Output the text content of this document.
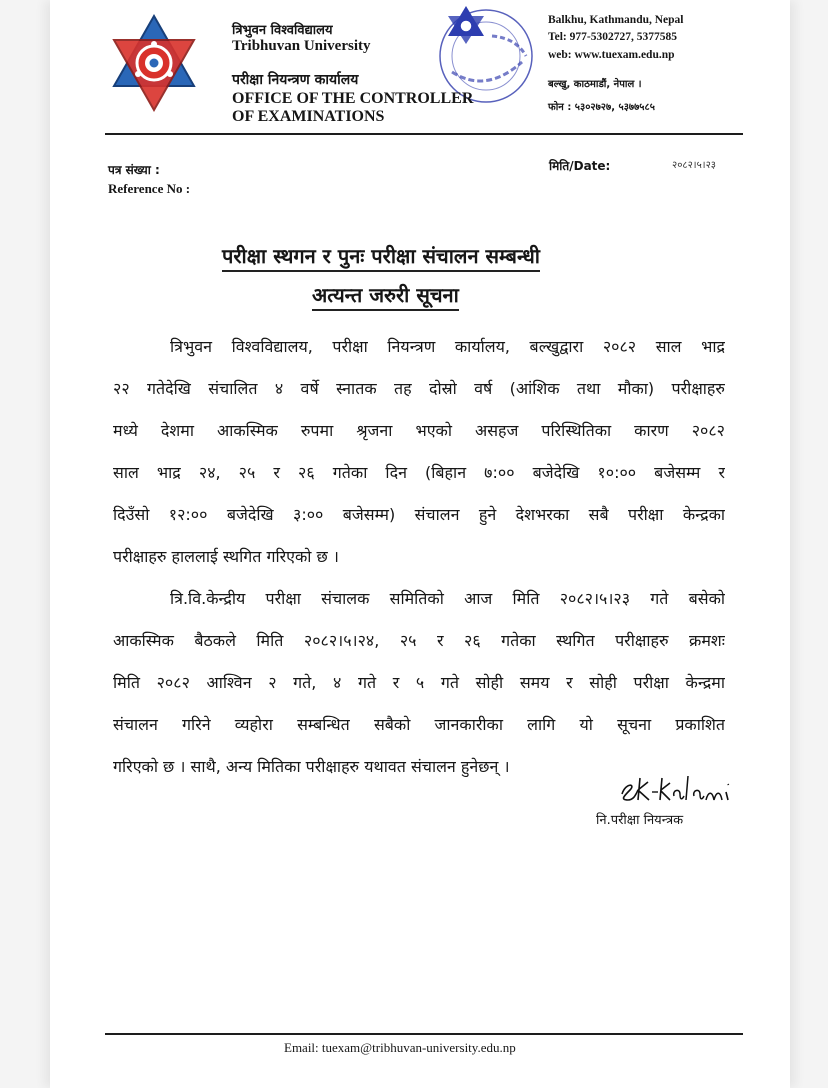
त्रिभुवन विश्वविद्यालय
Tribhuvan University
परीक्षा नियन्त्रण कार्यालय
OFFICE OF THE CONTROLLER
OF EXAMINATIONS
Balkhu, Kathmandu, Nepal
Tel: 977-5302727, 5377585
web: www.tuexam.edu.np
बल्खु, काठमाडौं, नेपाल ।
फोन : ५३०२७२७, ५३७७५८५
पत्र संख्या :
Reference No :
मिति/Date:	२०८२।५।२३
परीक्षा स्थगन र पुनः परीक्षा संचालन सम्बन्धी
अत्यन्त जरुरी सूचना
त्रिभुवन विश्वविद्यालय, परीक्षा नियन्त्रण कार्यालय, बल्खुद्वारा २०८२ साल भाद्र
२२ गतेदेखि संचालित ४ वर्षे स्नातक तह दोस्रो वर्ष (आंशिक तथा मौका) परीक्षाहरु
मध्ये देशमा आकस्मिक रुपमा श्रृजना भएको असहज परिस्थितिका कारण २०८२
साल भाद्र २४, २५ र २६ गतेका दिन (बिहान ७:०० बजेदेखि १०:०० बजेसम्म र
दिउँसो १२:०० बजेदेखि ३:०० बजेसम्म) संचालन हुने देशभरका सबै परीक्षा केन्द्रका
परीक्षाहरु हाललाई स्थगित गरिएको छ ।
त्रि.वि.केन्द्रीय परीक्षा संचालक समितिको आज मिति २०८२।५।२३ गते बसेको
आकस्मिक बैठकले मिति २०८२।५।२४, २५ र २६ गतेका स्थगित परीक्षाहरु क्रमशः
मिति २०८२ आश्विन २ गते, ४ गते र ५ गते सोही समय र सोही परीक्षा केन्द्रमा
संचालन गरिने व्यहोरा सम्बन्धित सबैको जानकारीका लागि यो सूचना प्रकाशित
गरिएको छ । साथै, अन्य मितिका परीक्षाहरु यथावत संचालन हुनेछन् ।
नि.परीक्षा नियन्त्रक
Email: tuexam@tribhuvan-university.edu.np
